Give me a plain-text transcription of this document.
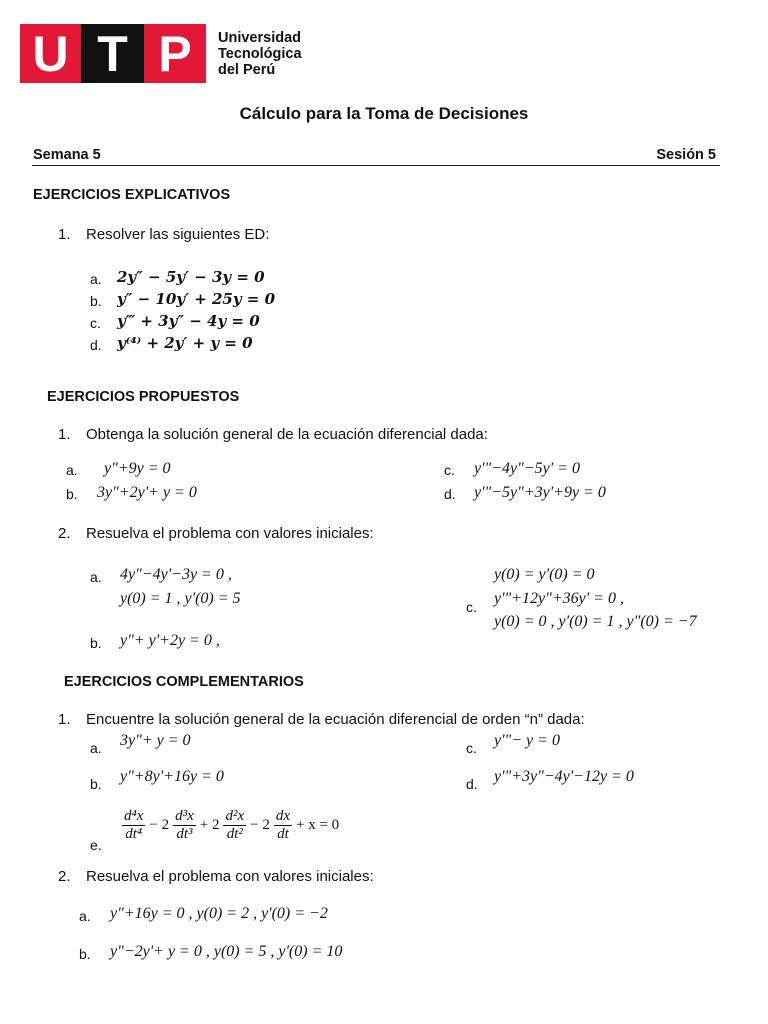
U T P	Universidad
Tecnológica
del Perú
Cálculo para la Toma de Decisiones
Semana 5	Sesión 5
EJERCICIOS EXPLICATIVOS
1. Resolver las siguientes ED:
a. 2y″ − 5y′ − 3y = 0
b. y″ − 10y′ + 25y = 0
c. y‴ + 3y″ − 4y = 0
d. y⁽⁴⁾ + 2y′ + y = 0
EJERCICIOS PROPUESTOS
1. Obtenga la solución general de la ecuación diferencial dada:
a. y"+9y = 0
b. 3y"+2y'+ y = 0
c. y'"−4y"−5y' = 0
d. y'"−5y"+3y'+9y = 0
2. Resuelva el problema con valores iniciales:
a. 4y"−4y'−3y = 0 ,
y(0) = 1 , y'(0) = 5
b. y"+ y'+2y = 0 ,
y(0) = y'(0) = 0
c. y'"+12y"+36y' = 0 ,
y(0) = 0 , y'(0) = 1 , y"(0) = −7
EJERCICIOS COMPLEMENTARIOS
1. Encuentre la solución general de la ecuación diferencial de orden “n” dada:
a. 3y"+ y = 0
b. y"+8y'+16y = 0
c. y'"− y = 0
d. y'"+3y"−4y'−12y = 0
e.
$\frac{\text{d⁴x}}{\text{dt⁴}} - 2 \frac{\text{d³x}}{\text{dt³}} + 2 \frac{\text{d²x}}{\text{dt²}} - 2 \frac{dx}{dt} + x = 0$
2. Resuelva el problema con valores iniciales:
a. y"+16y = 0 , y(0) = 2 , y'(0) = −2
b. y"−2y'+ y = 0 , y(0) = 5 , y'(0) = 10
